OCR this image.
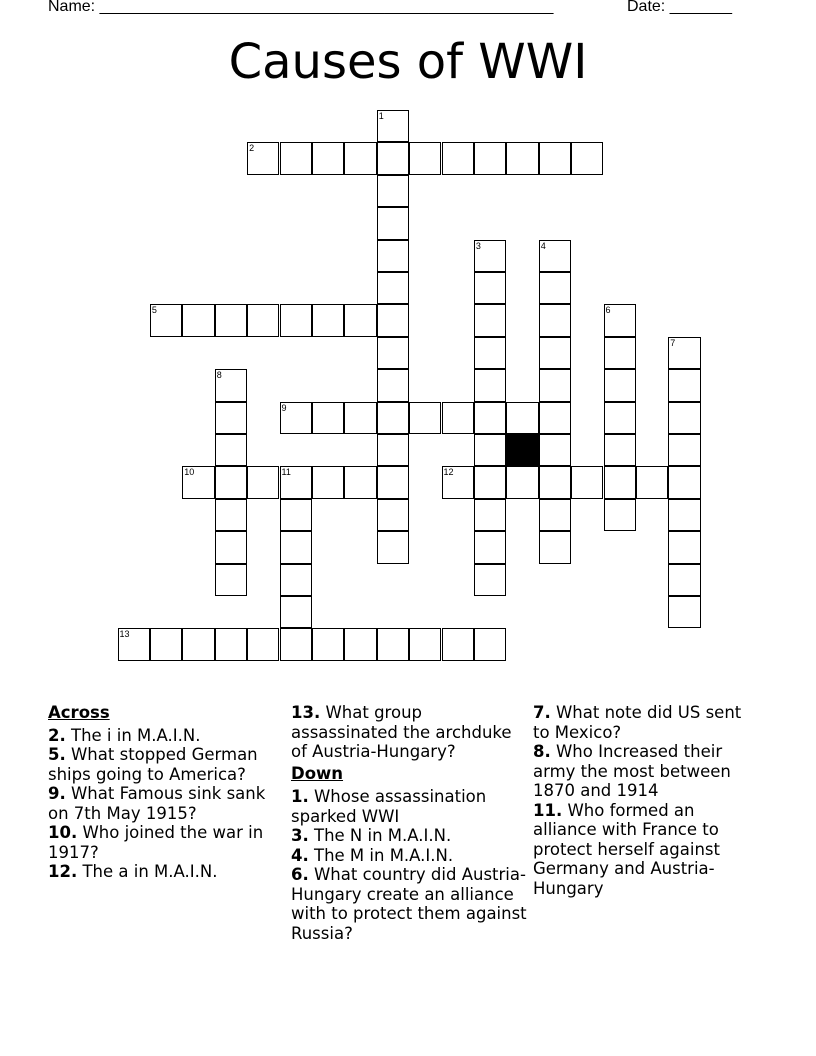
Name: ___________________________________________________	Date: _______
Causes of WWI
2
5
9
10	11	12
13
1
3	4
6
7
8
Across
2. The i in M.A.I.N.
5. What stopped German ships going to America?
9. What Famous sink sank on 7th May 1915?
10. Who joined the war in 1917?
12. The a in M.A.I.N.
13. What group assassinated the archduke of Austria-Hungary?
Down
1. Whose assassination sparked WWI
3. The N in M.A.I.N.
4. The M in M.A.I.N.
6. What country did Austria-Hungary create an alliance with to protect them against Russia?
7. What note did US sent to Mexico?
8. Who Increased their army the most between 1870 and 1914
11. Who formed an alliance with France to protect herself against Germany and Austria-Hungary
